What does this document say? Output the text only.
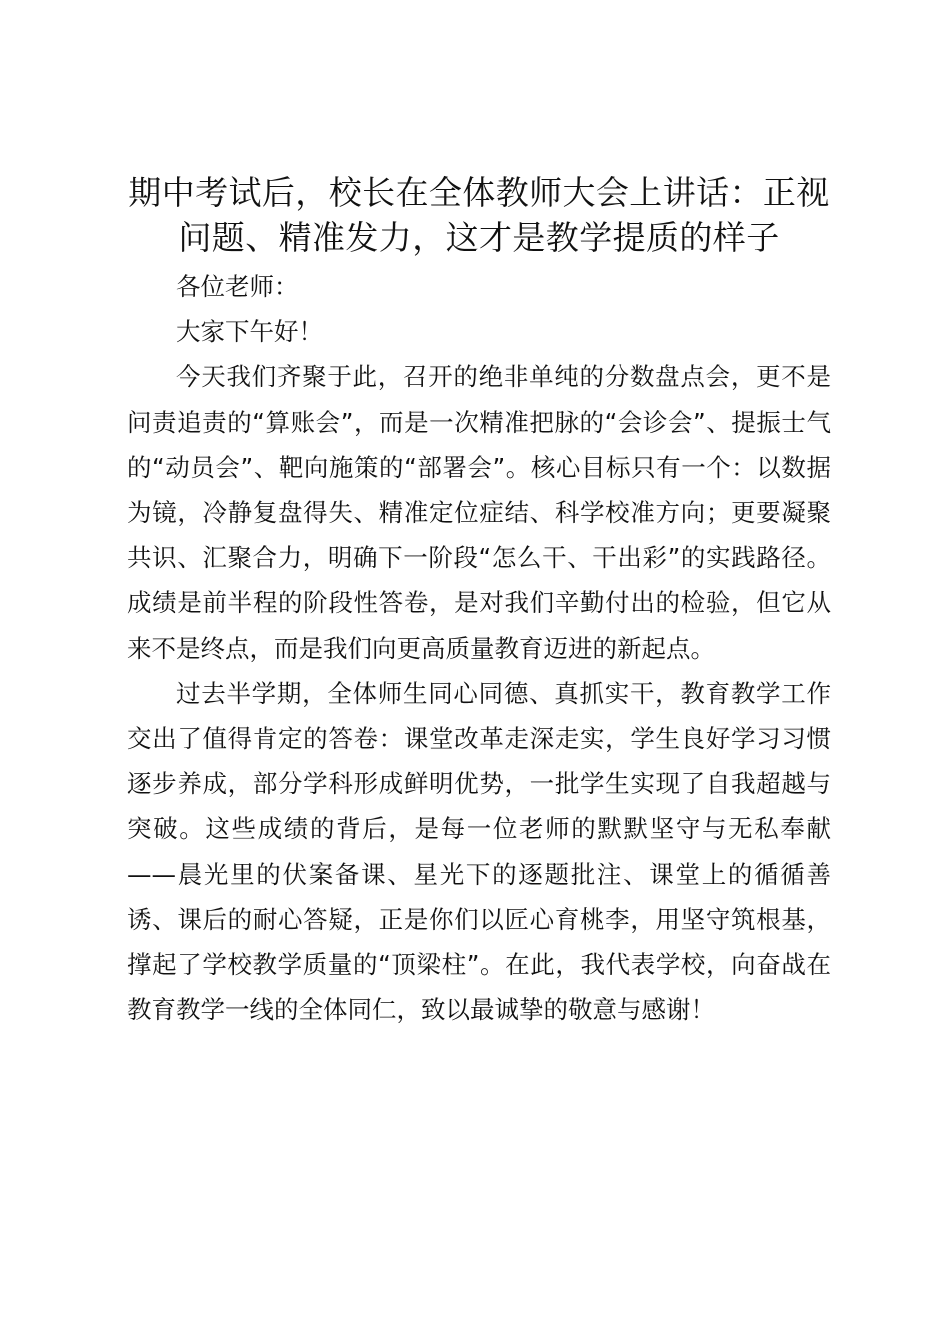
期中考试后，校长在全体教师大会上讲话：正视问题、精准发力，这才是教学提质的样子

各位老师：

大家下午好！

今天我们齐聚于此，召开的绝非单纯的分数盘点会，更不是问责追责的“算账会”，而是一次精准把脉的“会诊会”、提振士气的“动员会”、靶向施策的“部署会”。核心目标只有一个：以数据为镜，冷静复盘得失、精准定位症结、科学校准方向；更要凝聚共识、汇聚合力，明确下一阶段“怎么干、干出彩”的实践路径。成绩是前半程的阶段性答卷，是对我们辛勤付出的检验，但它从来不是终点，而是我们向更高质量教育迈进的新起点。

过去半学期，全体师生同心同德、真抓实干，教育教学工作交出了值得肯定的答卷：课堂改革走深走实，学生良好学习习惯逐步养成，部分学科形成鲜明优势，一批学生实现了自我超越与突破。这些成绩的背后，是每一位老师的默默坚守与无私奉献——晨光里的伏案备课、星光下的逐题批注、课堂上的循循善诱、课后的耐心答疑，正是你们以匠心育桃李，用坚守筑根基，撑起了学校教学质量的“顶梁柱”。在此，我代表学校，向奋战在教育教学一线的全体同仁，致以最诚挚的敬意与感谢！
